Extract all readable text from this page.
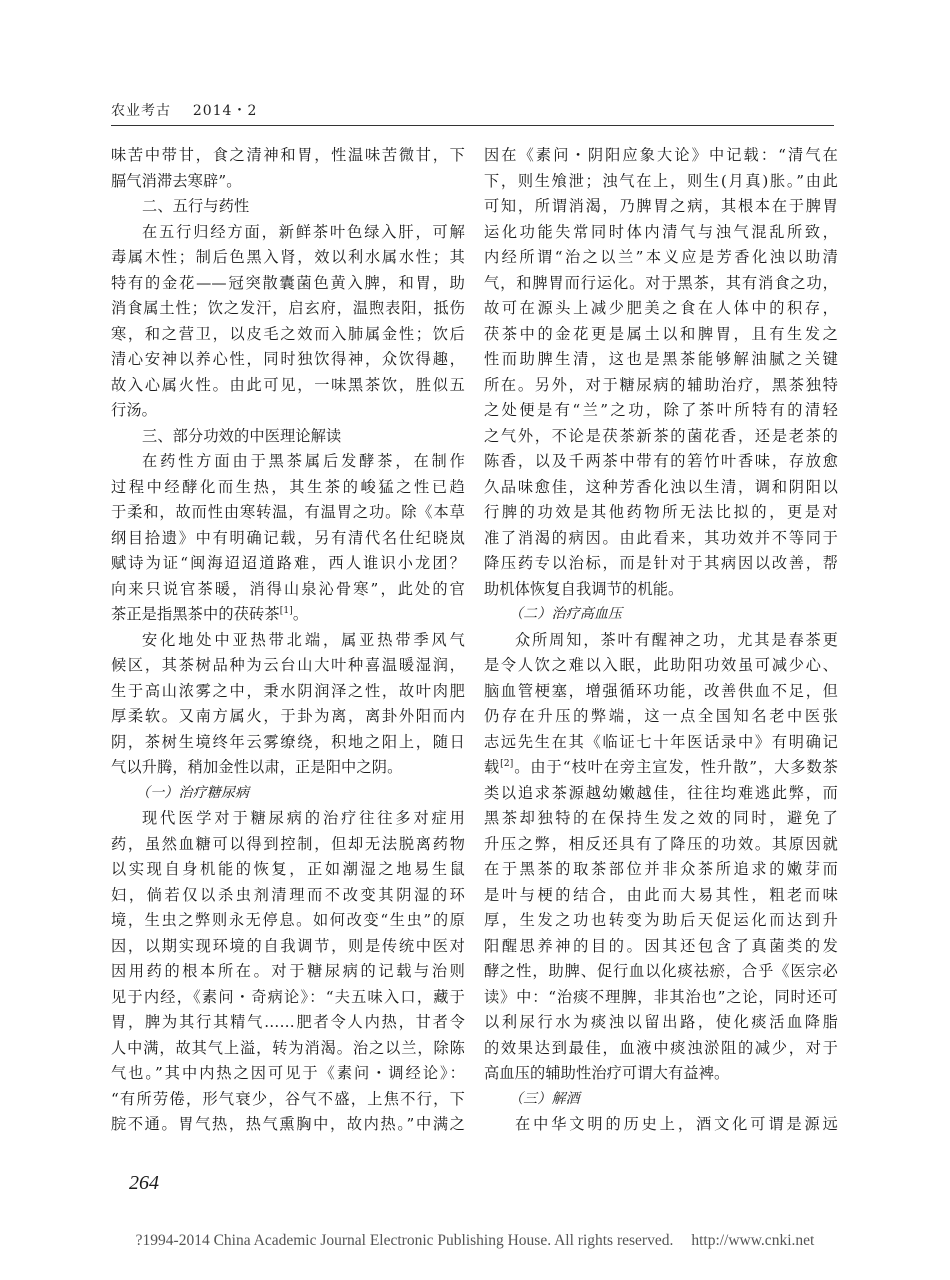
农业考古 2014・2
味苦中带甘，食之清神和胃，性温味苦微甘，下
膈气消滞去寒辟”。
二、五行与药性
在五行归经方面，新鲜茶叶色绿入肝，可解
毒属木性；制后色黑入肾，效以利水属水性；其
特有的金花——冠突散囊菌色黄入脾，和胃，助
消食属土性；饮之发汗，启玄府，温煦表阳，抵伤
寒，和之营卫，以皮毛之效而入肺属金性；饮后
清心安神以养心性，同时独饮得神，众饮得趣，
故入心属火性。由此可见，一味黑茶饮，胜似五
行汤。
三、部分功效的中医理论解读
在药性方面由于黑茶属后发酵茶，在制作
过程中经酵化而生热，其生茶的峻猛之性已趋
于柔和，故而性由寒转温，有温胃之功。除《本草
纲目拾遗》中有明确记载，另有清代名仕纪晓岚
赋诗为证“闽海迢迢道路难，西人谁识小龙团？
向来只说官茶暖，消得山泉沁骨寒”，此处的官
茶正是指黑茶中的茯砖茶[1]。
安化地处中亚热带北端，属亚热带季风气
候区，其茶树品种为云台山大叶种喜温暖湿润，
生于高山浓雾之中，秉水阴润泽之性，故叶肉肥
厚柔软。又南方属火，于卦为离，离卦外阳而内
阴，茶树生境终年云雾缭绕，积地之阳上，随日
气以升腾，稍加金性以肃，正是阳中之阴。
（一）治疗糖尿病
现代医学对于糖尿病的治疗往往多对症用
药，虽然血糖可以得到控制，但却无法脱离药物
以实现自身机能的恢复，正如潮湿之地易生鼠
妇，倘若仅以杀虫剂清理而不改变其阴湿的环
境，生虫之弊则永无停息。如何改变“生虫”的原
因，以期实现环境的自我调节，则是传统中医对
因用药的根本所在。对于糖尿病的记载与治则
见于内经，《素问・奇病论》：“夫五味入口，藏于
胃，脾为其行其精气……肥者令人内热，甘者令
人中满，故其气上溢，转为消渴。治之以兰，除陈
气也。”其中内热之因可见于《素问・调经论》：
“有所劳倦，形气衰少，谷气不盛，上焦不行，下
脘不通。胃气热，热气熏胸中，故内热。”中满之
因在《素问・阴阳应象大论》中记载：“清气在
下，则生飧泄；浊气在上，则生(月真)胀。”由此
可知，所谓消渴，乃脾胃之病，其根本在于脾胃
运化功能失常同时体内清气与浊气混乱所致，
内经所谓“治之以兰”本义应是芳香化浊以助清
气，和脾胃而行运化。对于黑茶，其有消食之功，
故可在源头上减少肥美之食在人体中的积存，
茯茶中的金花更是属土以和脾胃，且有生发之
性而助脾生清，这也是黑茶能够解油腻之关键
所在。另外，对于糖尿病的辅助治疗，黑茶独特
之处便是有“兰”之功，除了茶叶所特有的清轻
之气外，不论是茯茶新茶的菌花香，还是老茶的
陈香，以及千两茶中带有的箬竹叶香味，存放愈
久品味愈佳，这种芳香化浊以生清，调和阴阳以
行脾的功效是其他药物所无法比拟的，更是对
准了消渴的病因。由此看来，其功效并不等同于
降压药专以治标，而是针对于其病因以改善，帮
助机体恢复自我调节的机能。
（二）治疗高血压
众所周知，茶叶有醒神之功，尤其是春茶更
是令人饮之难以入眠，此助阳功效虽可减少心、
脑血管梗塞，增强循环功能，改善供血不足，但
仍存在升压的弊端，这一点全国知名老中医张
志远先生在其《临证七十年医话录中》有明确记
载[2]。由于“枝叶在旁主宣发，性升散”，大多数茶
类以追求茶源越幼嫩越佳，往往均难逃此弊，而
黑茶却独特的在保持生发之效的同时，避免了
升压之弊，相反还具有了降压的功效。其原因就
在于黑茶的取茶部位并非众茶所追求的嫩芽而
是叶与梗的结合，由此而大易其性，粗老而味
厚，生发之功也转变为助后天促运化而达到升
阳醒思养神的目的。因其还包含了真菌类的发
酵之性，助脾、促行血以化痰祛瘀，合乎《医宗必
读》中：“治痰不理脾，非其治也”之论，同时还可
以利尿行水为痰浊以留出路，使化痰活血降脂
的效果达到最佳，血液中痰浊淤阻的减少，对于
高血压的辅助性治疗可谓大有益裨。
（三）解酒
在中华文明的历史上，酒文化可谓是源远
264
?1994-2014 China Academic Journal Electronic Publishing House. All rights reserved. http://www.cnki.net
